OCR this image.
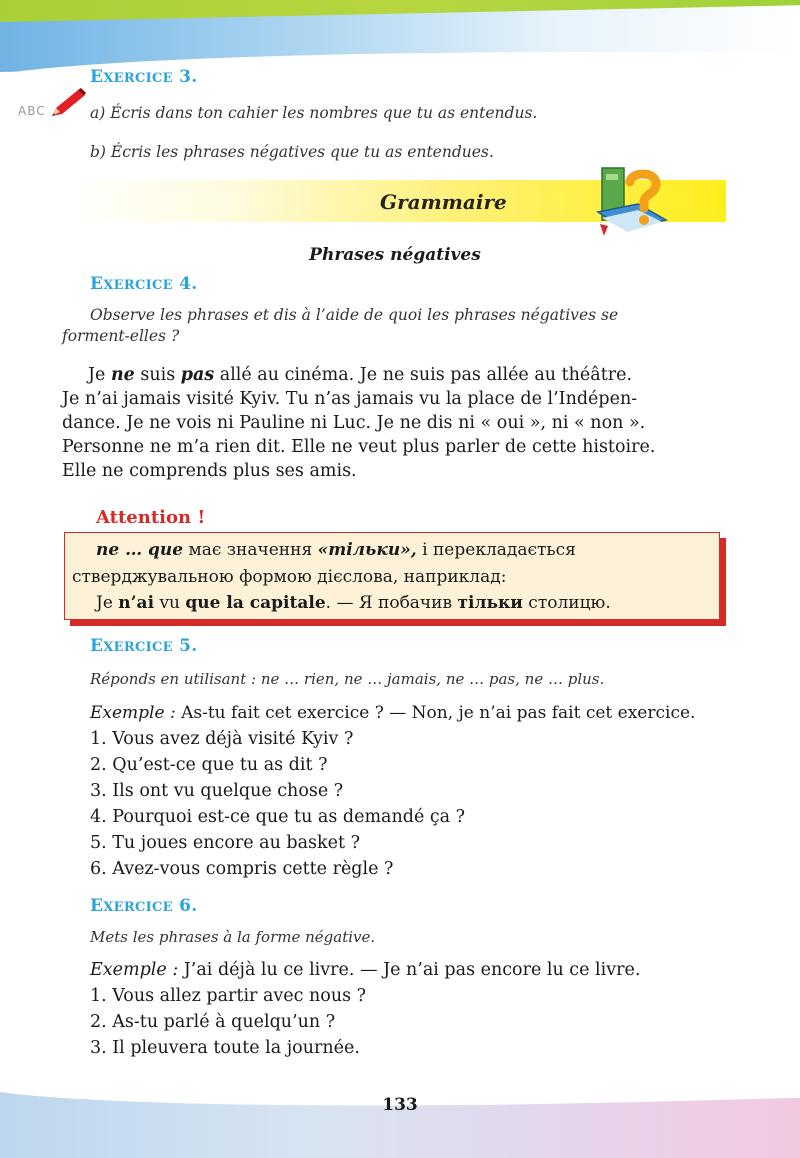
ABC
EXERCICE 3.
a) Écris dans ton cahier les nombres que tu as entendus.
b) Écris les phrases négatives que tu as entendues.
Grammaire
Phrases négatives
EXERCICE 4.
Observe les phrases et dis à l’aide de quoi les phrases négatives se
forment-elles ?
Je ne suis pas allé au cinéma. Je ne suis pas allée au théâtre.
Je n’ai jamais visité Kyiv. Tu n’as jamais vu la place de l’Indépen-
dance. Je ne vois ni Pauline ni Luc. Je ne dis ni « oui », ni « non ».
Personne ne m’a rien dit. Elle ne veut plus parler de cette histoire.
Elle ne comprends plus ses amis.
Attention !
ne … que має значення «тільки», і перекладається
стверджувальною формою дієслова, наприклад:
Je n’ai vu que la capitale. — Я побачив тільки столицю.
EXERCICE 5.
Réponds en utilisant : ne … rien, ne … jamais, ne … pas, ne … plus.
Exemple : As-tu fait cet exercice ? — Non, je n’ai pas fait cet exercice.
1. Vous avez déjà visité Kyiv ?
2. Qu’est-ce que tu as dit ?
3. Ils ont vu quelque chose ?
4. Pourquoi est-ce que tu as demandé ça ?
5. Tu joues encore au basket ?
6. Avez-vous compris cette règle ?
EXERCICE 6.
Mets les phrases à la forme négative.
Exemple : J’ai déjà lu ce livre. — Je n’ai pas encore lu ce livre.
1. Vous allez partir avec nous ?
2. As-tu parlé à quelqu’un ?
3. Il pleuvera toute la journée.
133
